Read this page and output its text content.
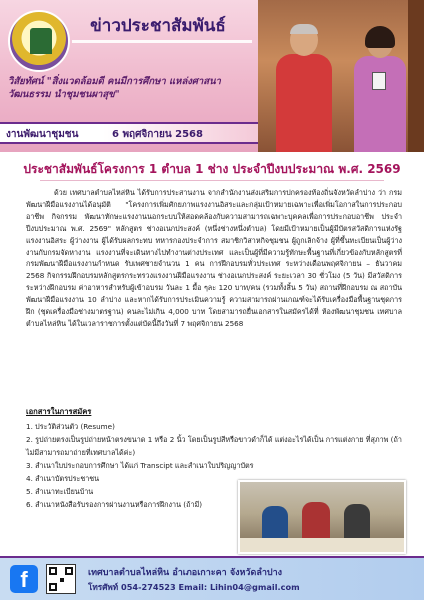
ข่าวประชาสัมพันธ์
วิสัยทัศน์ "สิ่งแวดล้อมดี คนมีการศึกษา แหล่งศาสนาวัฒนธรรม นำชุมชนผาสุข"
งานพัฒนาชุมชน	6 พฤศจิกายน 2568
ประชาสัมพันธ์โครงการ 1 ตำบล 1 ช่าง ประจำปีงบประมาณ พ.ศ. 2569

ด้วย เทศบาลตำบลไหล่หิน ได้รับการประสานงาน จากสำนักงานส่งเสริมการปกครองท้องถิ่นจังหวัดลำปาง ว่า กรมพัฒนาฝีมือแรงงานได้อนุมัติ "โครงการเพิ่มศักยภาพแรงงานอิสระและกลุ่มเป้าหมายเฉพาะเพื่อเพิ่มโอกาสในการประกอบอาชีพ กิจกรรม พัฒนาทักษะแรงงานนอกระบบให้สอดคล้องกับความสามารถเฉพาะบุคคลเพื่อการประกอบอาชีพ ประจำปีงบประมาณ พ.ศ. 2569" หลักสูตร ช่างอเนกประสงค์ (หนึ่งช่างหนึ่งตำบล) โดยมีเป้าหมายเป็นผู้มีบัตรสวัสดิการแห่งรัฐ แรงงานอิสระ ผู้ว่างงาน ผู้ได้รับผลกระทบ ทหารกองประจำการ สมาชิกวิสาหกิจชุมชน ผู้ถูกเลิกจ้าง ผู้ที่ขึ้นทะเบียนเป็นผู้ว่างงานกับกรมจัดหางาน แรงงานที่จะเดินทางไปทำงานต่างประเทศ และเป็นผู้ที่มีความรู้ทักษะพื้นฐานที่เกี่ยวข้องกับหลักสูตรที่กรมพัฒนาฝีมือแรงงานกำหนด รับเพศชายจำนวน 1 คน การฝึกอบรมทั่วประเทศ ระหว่างเดือนพฤศจิกายน – ธันวาคม 2568 กิจกรรมฝึกอบรมหลักสูตรกระทรวงแรงงานฝีมือแรงงาน ช่างอเนกประสงค์ ระยะเวลา 30 ชั่วโมง (5 วัน) มีสวัสดิการระหว่างฝึกอบรม ค่าอาหารสำหรับผู้เข้าอบรม วันละ 1 มื้อ ๆละ 120 บาท/คน (รวมทั้งสิ้น 5 วัน) สถานที่ฝึกอบรม ณ สถาบันพัฒนาฝีมือแรงงาน 10 ลำปาง และหากได้รับการประเมินความรู้ ความสามารถผ่านเกณฑ์จะได้รับเครื่องมือพื้นฐานชุดการฝึก (ชุดเครื่องมือช่างมาตรฐาน) คนละไม่เกิน 4,000 บาท โดยสามารถยื่นเอกสารในสมัครได้ที่ ห้องพัฒนาชุมชน เทศบาลตำบลไหล่หิน ได้ในเวลาราชการตั้งแต่บัดนี้ถึงวันที่ 7 พฤศจิกายน 2568

เอกสารในการสมัคร
1. ประวัติส่วนตัว (Resume)
2. รูปถ่ายตรงเป็นรูปถ่ายหน้าตรงขนาด 1 หรือ 2 นิ้ว โดยเป็นรูปสีหรือขาวดำก็ได้ แต่งอะไรได้เป็น การแต่งกาย ที่สุภาพ (ถ้าไม่มีสามารถมาถ่ายที่เทศบาลได้ค่ะ)
3. สำเนาใบประกอบการศึกษา ได้แก่ Transcipt และสำเนาใบปริญญาบัตร
4. สำเนาบัตรประชาชน
5. สำเนาทะเบียนบ้าน
6. สำเนาหนังสือรับรองการผ่านงานหรือการฝึกงาน (ถ้ามี)
f	เทศบาลตำบลไหล่หิน อำเภอเกาะคา จังหวัดลำปาง
โทรศัพท์ 054-274523 Email: Lihin04@gmail.com
